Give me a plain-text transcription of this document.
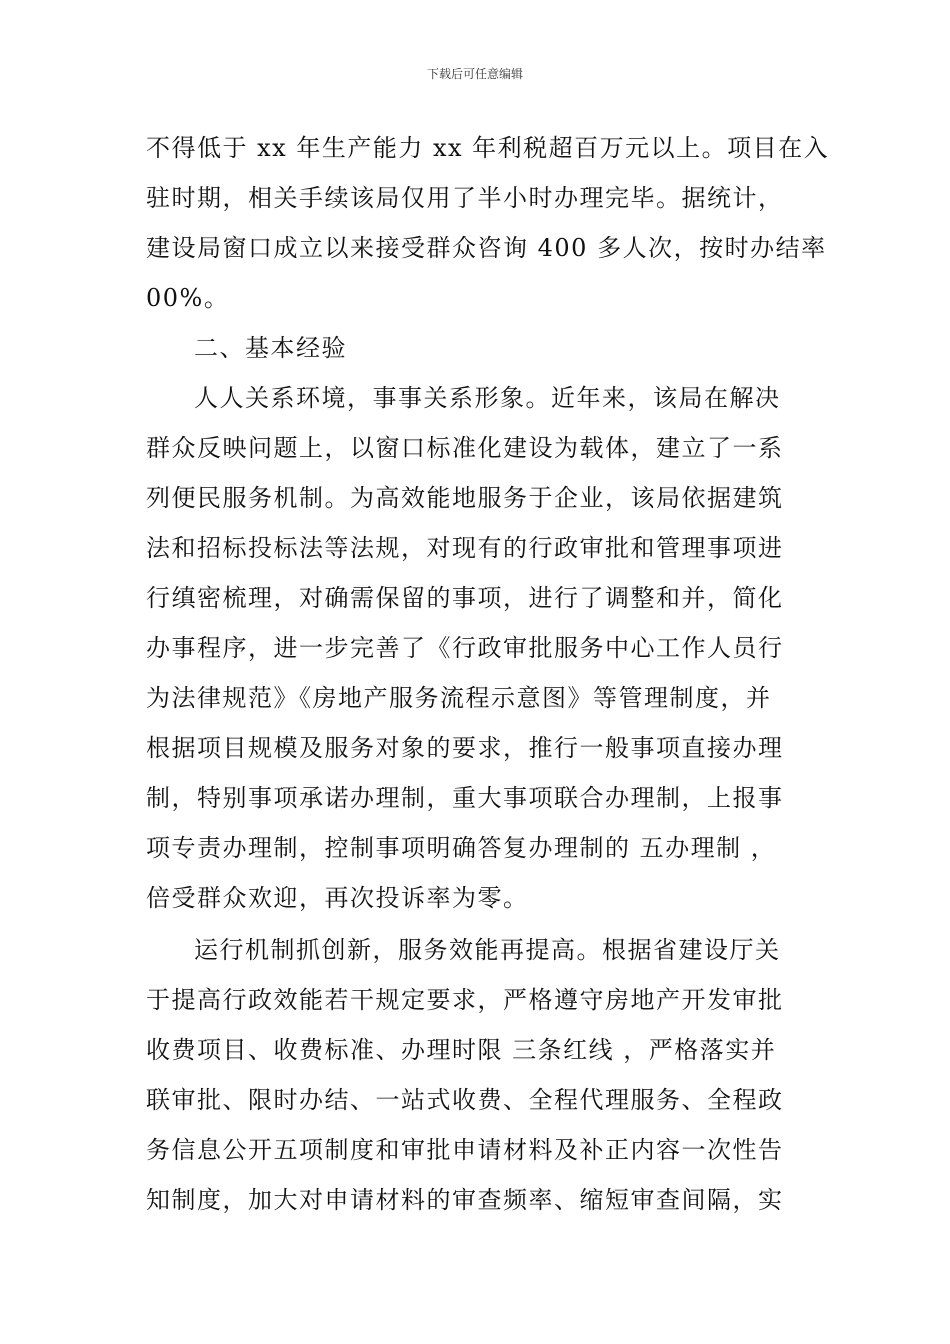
下载后可任意编辑
不得低于 xx 年生产能力 xx 年利税超百万元以上。项目在入
驻时期，相关手续该局仅用了半小时办理完毕。据统计，
建设局窗口成立以来接受群众咨询 400 多人次，按时办结率
00%。
二、基本经验
人人关系环境，事事关系形象。近年来，该局在解决
群众反映问题上，以窗口标准化建设为载体，建立了一系
列便民服务机制。为高效能地服务于企业，该局依据建筑
法和招标投标法等法规，对现有的行政审批和管理事项进
行缜密梳理，对确需保留的事项，进行了调整和并，简化
办事程序，进一步完善了《行政审批服务中心工作人员行
为法律规范》《房地产服务流程示意图》等管理制度，并
根据项目规模及服务对象的要求，推行一般事项直接办理
制，特别事项承诺办理制，重大事项联合办理制，上报事
项专责办理制，控制事项明确答复办理制的 五办理制 ，
倍受群众欢迎，再次投诉率为零。
运行机制抓创新，服务效能再提高。根据省建设厅关
于提高行政效能若干规定要求，严格遵守房地产开发审批
收费项目、收费标准、办理时限 三条红线 ，严格落实并
联审批、限时办结、一站式收费、全程代理服务、全程政
务信息公开五项制度和审批申请材料及补正内容一次性告
知制度，加大对申请材料的审查频率、缩短审查间隔，实
